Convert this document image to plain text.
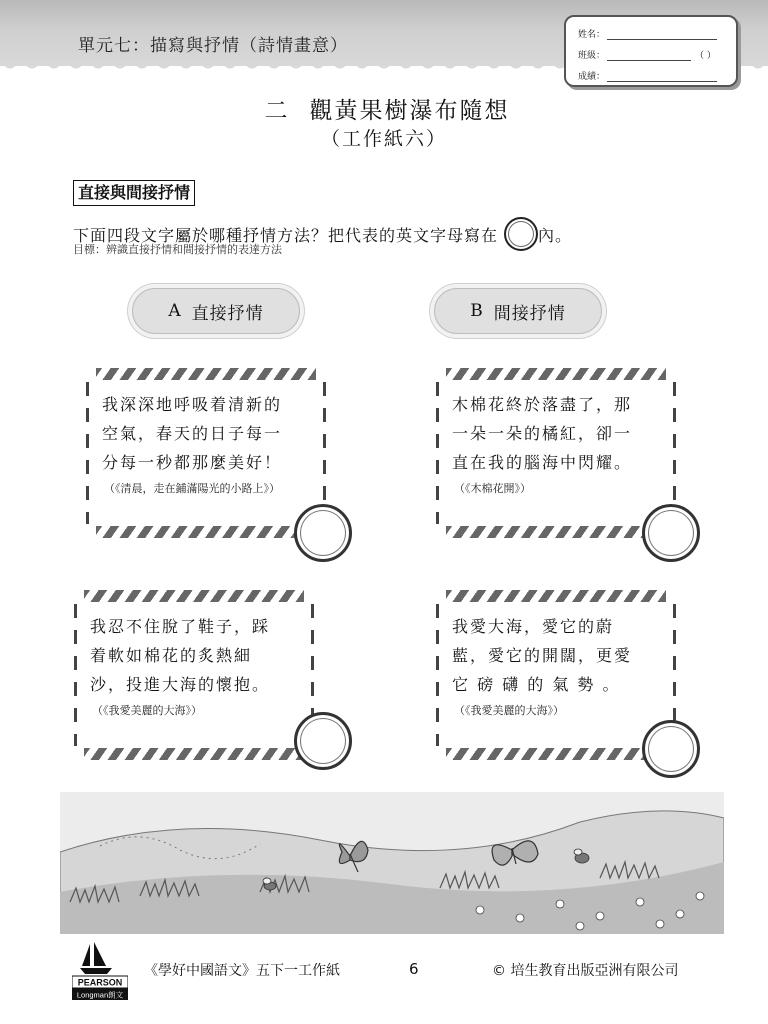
單元七：描寫與抒情（詩情畫意）
姓名：
班級：	（ ）
成績：
二 觀黃果樹瀑布隨想
（工作紙六）
直接與間接抒情
下面四段文字屬於哪種抒情方法？把代表的英文字母寫在	內。
目標：辨識直接抒情和間接抒情的表達方法
A 直接抒情	B 間接抒情
我深深地呼吸着清新的
空氣，春天的日子每一
分每一秒都那麼美好！
（《清晨，走在鋪滿陽光的小路上》）
木棉花終於落盡了，那
一朵一朵的橘紅，卻一
直在我的腦海中閃耀。
（《木棉花開》）
我忍不住脫了鞋子，踩
着軟如棉花的炙熱細
沙，投進大海的懷抱。
（《我愛美麗的大海》）
我愛大海，愛它的蔚
藍，愛它的開闊，更愛
它 磅 礴 的 氣 勢 。
（《我愛美麗的大海》）
PEARSON
Longman朗文
《學好中國語文》五下一工作紙	6	© 培生教育出版亞洲有限公司
